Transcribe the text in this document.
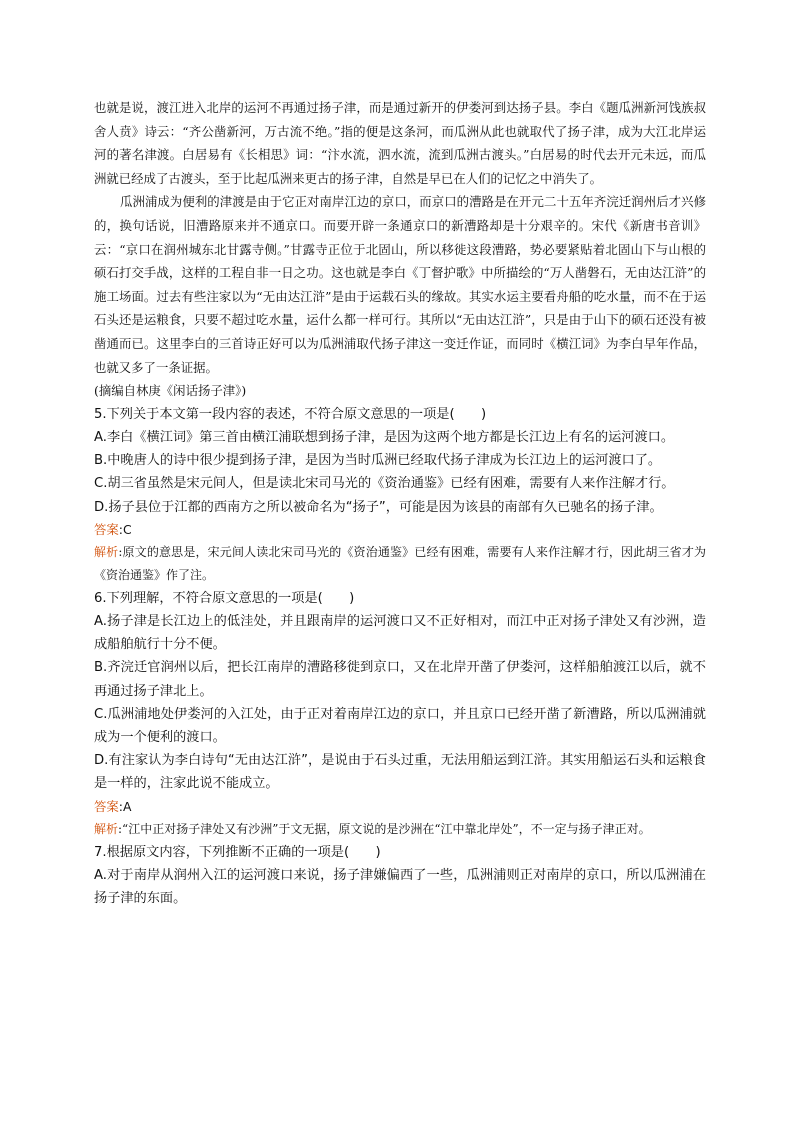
也就是说，渡江进入北岸的运河不再通过扬子津，而是通过新开的伊娄河到达扬子县。李白《题瓜洲新河饯族叔舍人贲》诗云：“齐公凿新河，万古流不绝。”指的便是这条河，而瓜洲从此也就取代了扬子津，成为大江北岸运河的著名津渡。白居易有《长相思》词：“汴水流，泗水流，流到瓜洲古渡头。”白居易的时代去开元未远，而瓜洲就已经成了古渡头，至于比起瓜洲来更古的扬子津，自然是早已在人们的记忆之中消失了。

瓜洲浦成为便利的津渡是由于它正对南岸江边的京口，而京口的漕路是在开元二十五年齐浣迁润州后才兴修的，换句话说，旧漕路原来并不通京口。而要开辟一条通京口的新漕路却是十分艰辛的。宋代《新唐书音训》云：“京口在润州城东北甘露寺侧。”甘露寺正位于北固山，所以移徙这段漕路，势必要紧贴着北固山下与山根的硕石打交手战，这样的工程自非一日之功。这也就是李白《丁督护歌》中所描绘的“万人凿磐石，无由达江浒”的施工场面。过去有些注家以为“无由达江浒”是由于运载石头的缘故。其实水运主要看舟船的吃水量，而不在于运石头还是运粮食，只要不超过吃水量，运什么都一样可行。其所以“无由达江浒”，只是由于山下的硕石还没有被凿通而已。这里李白的三首诗正好可以为瓜洲浦取代扬子津这一变迁作证，而同时《横江词》为李白早年作品，也就又多了一条证据。

(摘编自林庚《闲话扬子津》)

5.下列关于本文第一段内容的表述，不符合原文意思的一项是(　　)

A.李白《横江词》第三首由横江浦联想到扬子津，是因为这两个地方都是长江边上有名的运河渡口。

B.中晚唐人的诗中很少提到扬子津，是因为当时瓜洲已经取代扬子津成为长江边上的运河渡口了。

C.胡三省虽然是宋元间人，但是读北宋司马光的《资治通鉴》已经有困难，需要有人来作注解才行。

D.扬子县位于江都的西南方之所以被命名为“扬子”，可能是因为该县的南部有久已驰名的扬子津。

答案:C

解析:原文的意思是，宋元间人读北宋司马光的《资治通鉴》已经有困难，需要有人来作注解才行，因此胡三省才为《资治通鉴》作了注。

6.下列理解，不符合原文意思的一项是(　　)

A.扬子津是长江边上的低洼处，并且跟南岸的运河渡口又不正好相对，而江中正对扬子津处又有沙洲，造成船舶航行十分不便。

B.齐浣迁官润州以后，把长江南岸的漕路移徙到京口，又在北岸开凿了伊娄河，这样船舶渡江以后，就不再通过扬子津北上。

C.瓜洲浦地处伊娄河的入江处，由于正对着南岸江边的京口，并且京口已经开凿了新漕路，所以瓜洲浦就成为一个便利的渡口。

D.有注家认为李白诗句“无由达江浒”，是说由于石头过重，无法用船运到江浒。其实用船运石头和运粮食是一样的，注家此说不能成立。

答案:A

解析:“江中正对扬子津处又有沙洲”于文无据，原文说的是沙洲在“江中靠北岸处”，不一定与扬子津正对。

7.根据原文内容，下列推断不正确的一项是(　　)

A.对于南岸从润州入江的运河渡口来说，扬子津嫌偏西了一些，瓜洲浦则正对南岸的京口，所以瓜洲浦在扬子津的东面。
